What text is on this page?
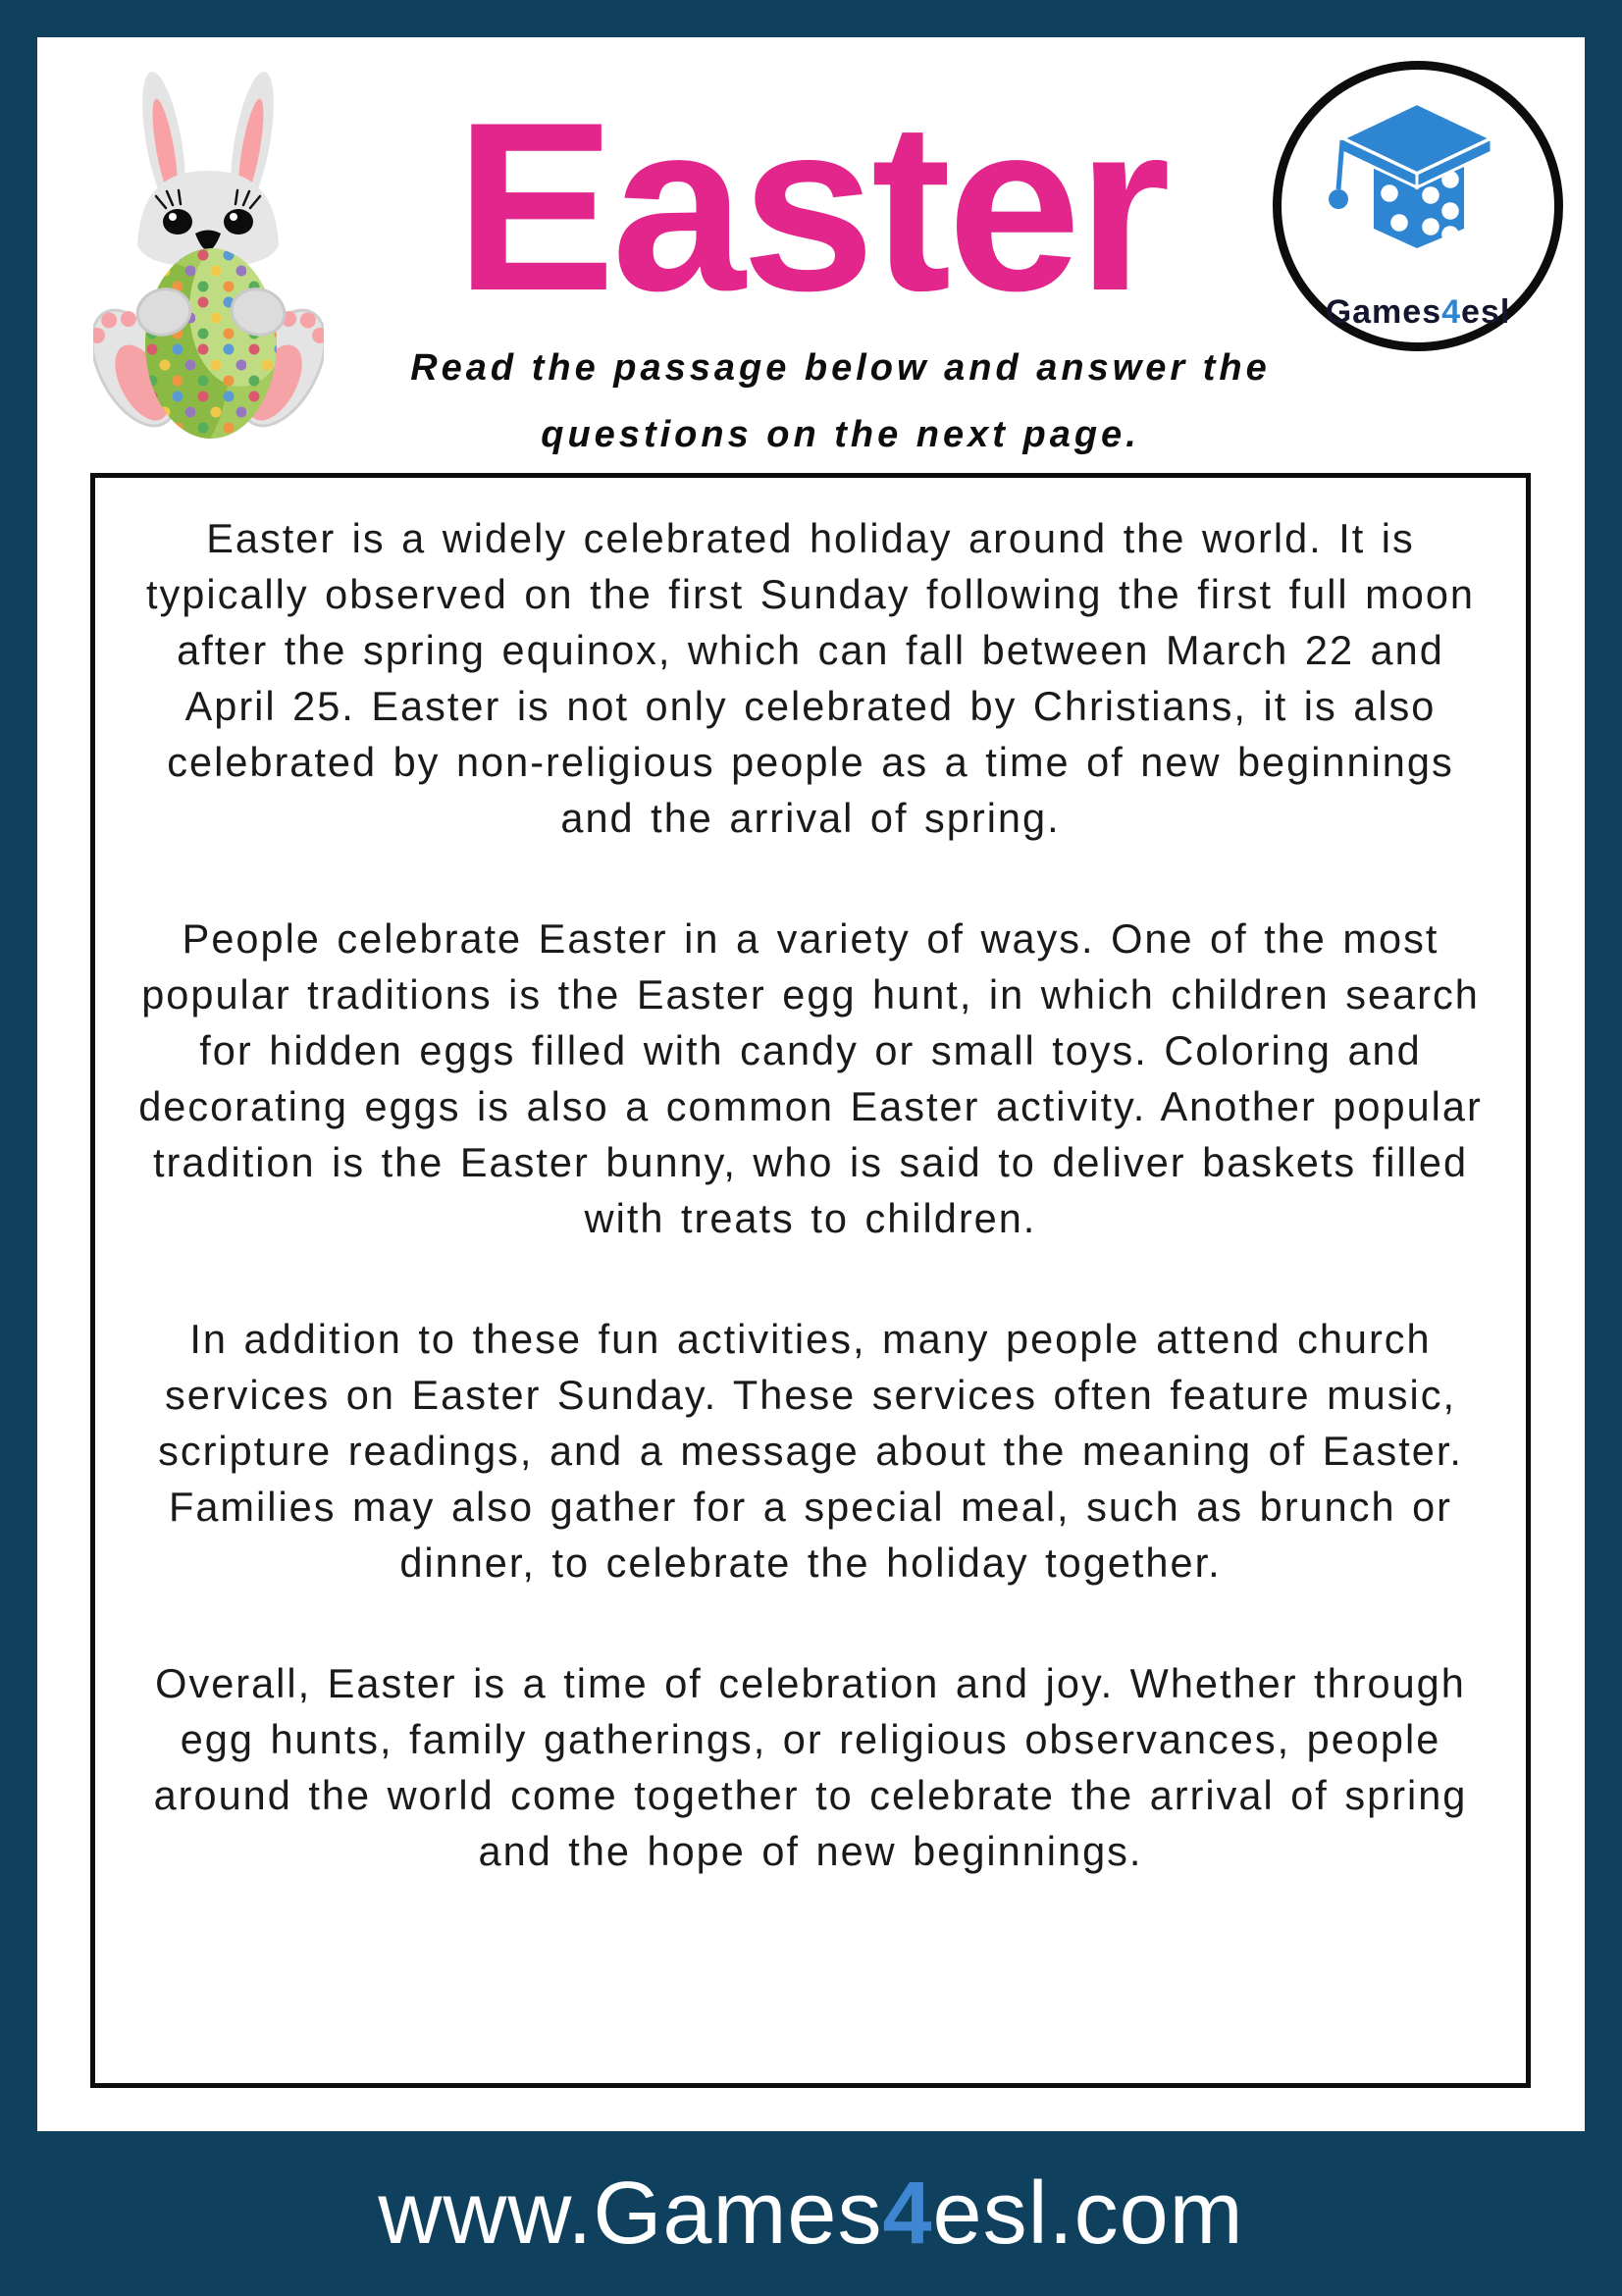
Easter
Read the passage below and answer the
questions on the next page.
Games4esl

Easter is a widely celebrated holiday around the world. It is typically observed on the first Sunday following the first full moon after the spring equinox, which can fall between March 22 and April 25. Easter is not only celebrated by Christians, it is also celebrated by non-religious people as a time of new beginnings and the arrival of spring.

People celebrate Easter in a variety of ways. One of the most popular traditions is the Easter egg hunt, in which children search for hidden eggs filled with candy or small toys. Coloring and decorating eggs is also a common Easter activity. Another popular tradition is the Easter bunny, who is said to deliver baskets filled with treats to children.

In addition to these fun activities, many people attend church services on Easter Sunday. These services often feature music, scripture readings, and a message about the meaning of Easter. Families may also gather for a special meal, such as brunch or dinner, to celebrate the holiday together.

Overall, Easter is a time of celebration and joy. Whether through egg hunts, family gatherings, or religious observances, people around the world come together to celebrate the arrival of spring and the hope of new beginnings.

www.Games4esl.com
